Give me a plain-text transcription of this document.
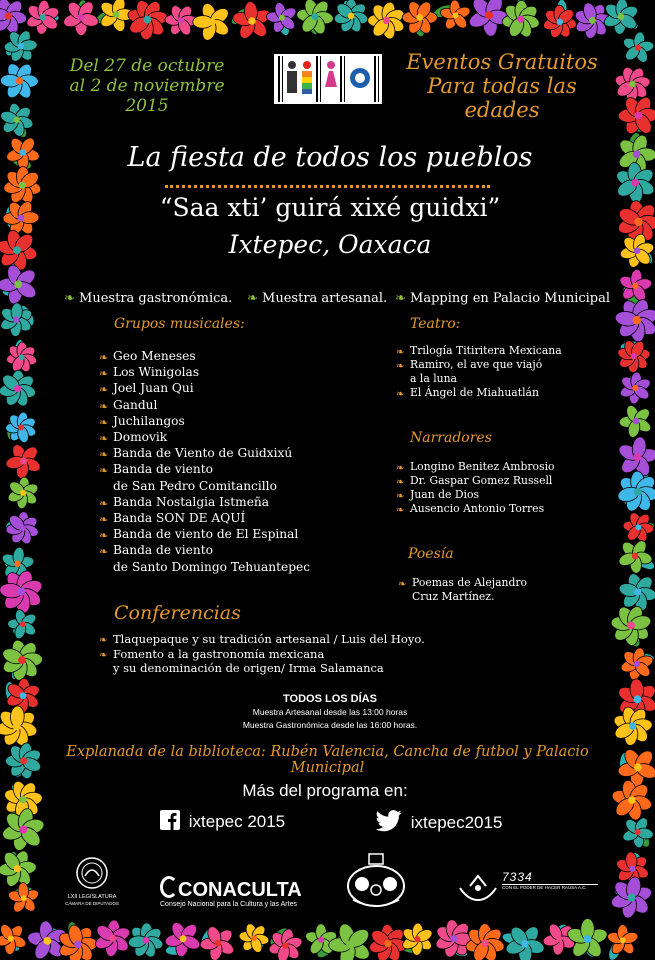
Del 27 de octubre
al 2 de noviembre 2015
Eventos Gratuitos
Para todas las edades
La fiesta de todos los pueblos
“Saa xti’ guirá xixé guidxi”
Ixtepec, Oaxaca
❧ Muestra gastronómica. ❧ Muestra artesanal. ❧ Mapping en Palacio Municipal
Grupos musicales:
❧ Geo Meneses
❧ Los Winigolas
❧ Joel Juan Qui
❧ Gandul
❧ Juchilangos
❧ Domovik
❧ Banda de Viento de Guidxixú
❧ Banda de viento
de San Pedro Comitancillo
❧ Banda Nostalgia Istmeña
❧ Banda SON DE AQUÍ
❧ Banda de viento de El Espinal
❧ Banda de viento
de Santo Domingo Tehuantepec
Teatro:
❧ Trilogía Titiritera Mexicana
❧ Ramiro, el ave que viajó
a la luna
❧ El Ángel de Miahuatlán
Narradores
❧ Longino Benitez Ambrosio
❧ Dr. Gaspar Gomez Russell
❧ Juan de Dios
❧ Ausencio Antonio Torres
Poesía
❧ Poemas de Alejandro
Cruz Martínez.
Conferencias
❧ Tlaquepaque y su tradición artesanal / Luis del Hoyo.
❧ Fomento a la gastronomía mexicana
y su denominación de origen/ Irma Salamanca
TODOS LOS DÍAS
Muestra Artesanal desde las 13:00 horas
Muestra Gastronómica desde las 16:00 horas.
Explanada de la biblioteca: Rubén Valencia, Cancha de futbol y Palacio Municipal
Más del programa en:
ixtepec 2015	ixtepec2015
LXII LEGISLATURA
CÁMARA DE DIPUTADOS
CONACULTA
Consejo Nacional para la Cultura y las Artes
7334
CON EL PODER DE HACER RAUSA A.C.
